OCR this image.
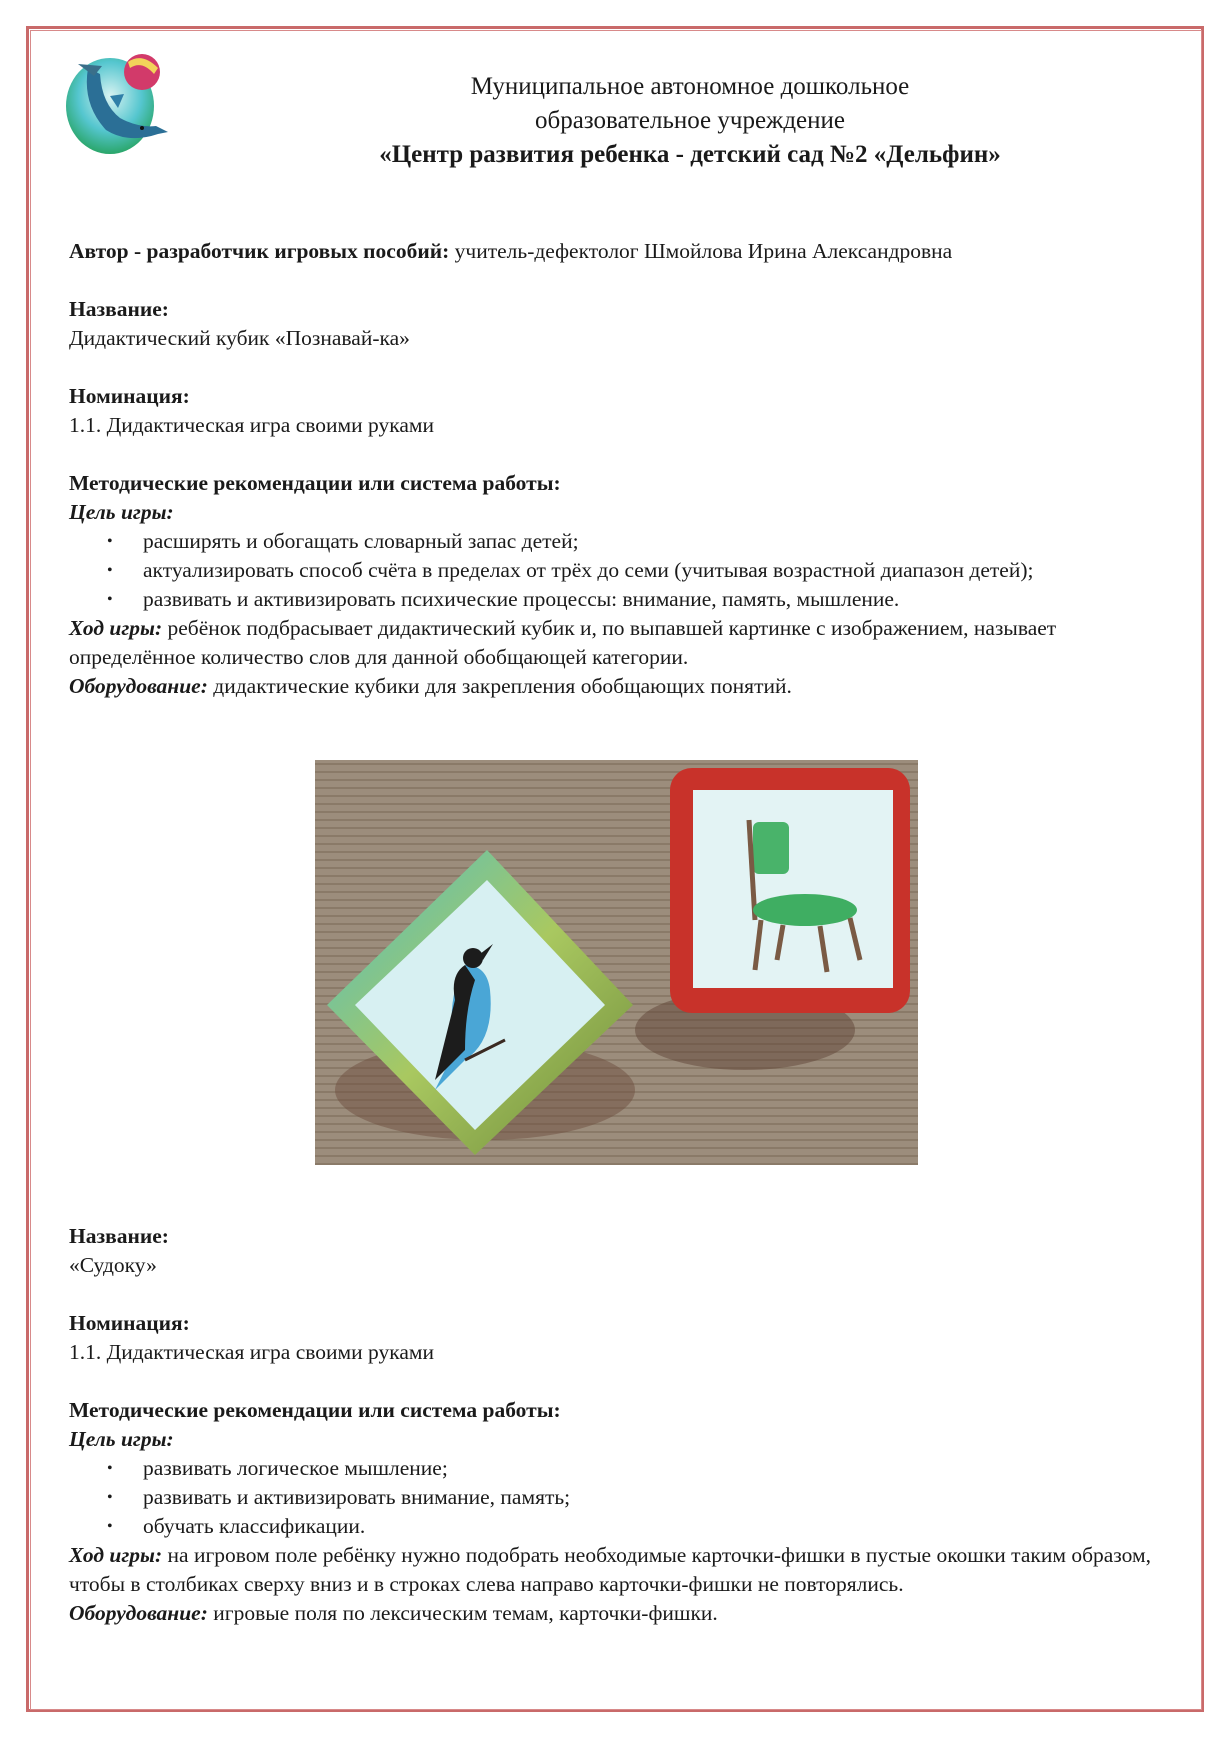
Муниципальное автономное дошкольное
образовательное учреждение
«Центр развития ребенка - детский сад №2 «Дельфин»

Автор - разработчик игровых пособий: учитель-дефектолог Шмойлова Ирина Александровна

Название:

Дидактический кубик «Познавай-ка»

Номинация:

1.1. Дидактическая игра своими руками

Методические рекомендации или система работы:

Цель игры:

• расширять и обогащать словарный запас детей;
• актуализировать способ счёта в пределах от трёх до семи (учитывая возрастной диапазон детей);
• развивать и активизировать психические процессы: внимание, память, мышление.

Ход игры: ребёнок подбрасывает дидактический кубик и, по выпавшей картинке с изображением, называет определённое количество слов для данной обобщающей категории.

Оборудование: дидактические кубики для закрепления обобщающих понятий.

Название:

«Судоку»

Номинация:

1.1. Дидактическая игра своими руками

Методические рекомендации или система работы:

Цель игры:

• развивать логическое мышление;
• развивать и активизировать внимание, память;
• обучать классификации.

Ход игры: на игровом поле ребёнку нужно подобрать необходимые карточки-фишки в пустые окошки таким образом, чтобы в столбиках сверху вниз и в строках слева направо карточки-фишки не повторялись.

Оборудование: игровые поля по лексическим темам, карточки-фишки.
